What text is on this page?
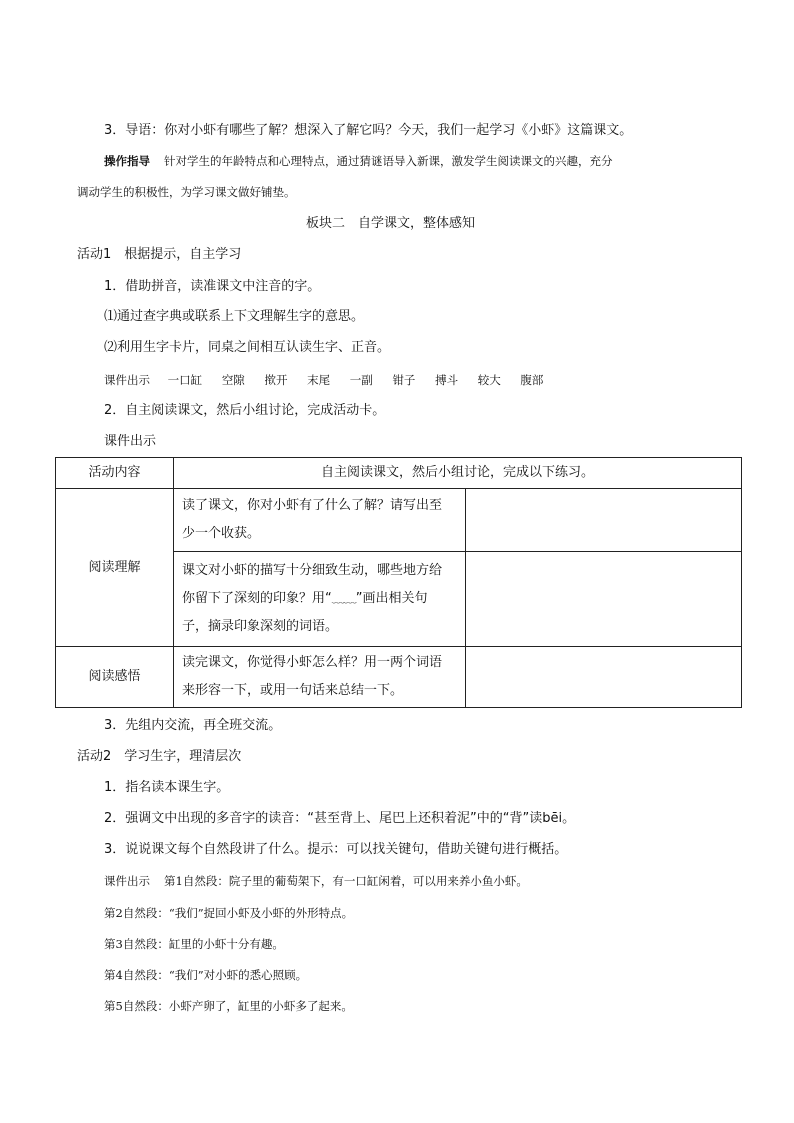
3．导语：你对小虾有哪些了解？想深入了解它吗？今天，我们一起学习《小虾》这篇课文。
操作指导 针对学生的年龄特点和心理特点，通过猜谜语导入新课，激发学生阅读课文的兴趣，充分
调动学生的积极性，为学习课文做好铺垫。
板块二　自学课文，整体感知
活动1　根据提示，自主学习
1．借助拼音，读准课文中注音的字。
⑴通过查字典或联系上下文理解生字的意思。
⑵利用生字卡片，同桌之间相互认读生字、正音。
课件出示 一口缸 空隙 揿开 末尾 一副 钳子 搏斗 较大 腹部
2．自主阅读课文，然后小组讨论，完成活动卡。
课件出示
活动内容	自主阅读课文，然后小组讨论，完成以下练习。	
阅读理解	读了课文，你对小虾有了什么了解？请写出至
少一个收获。	

	课文对小虾的描写十分细致生动，哪些地方给
你留下了深刻的印象？用“﹏﹏”画出相关句
子，摘录印象深刻的词语。	

阅读感悟	读完课文，你觉得小虾怎么样？用一两个词语
来形容一下，或用一句话来总结一下。	

3．先组内交流，再全班交流。
活动2　学习生字，理清层次
1．指名读本课生字。
2．强调文中出现的多音字的读音：“甚至背上、尾巴上还积着泥”中的“背”读bēi。
3．说说课文每个自然段讲了什么。提示：可以找关键句，借助关键句进行概括。
课件出示 第1自然段：院子里的葡萄架下，有一口缸闲着，可以用来养小鱼小虾。
第2自然段：“我们”捉回小虾及小虾的外形特点。
第3自然段：缸里的小虾十分有趣。
第4自然段：“我们”对小虾的悉心照顾。
第5自然段：小虾产卵了，缸里的小虾多了起来。
